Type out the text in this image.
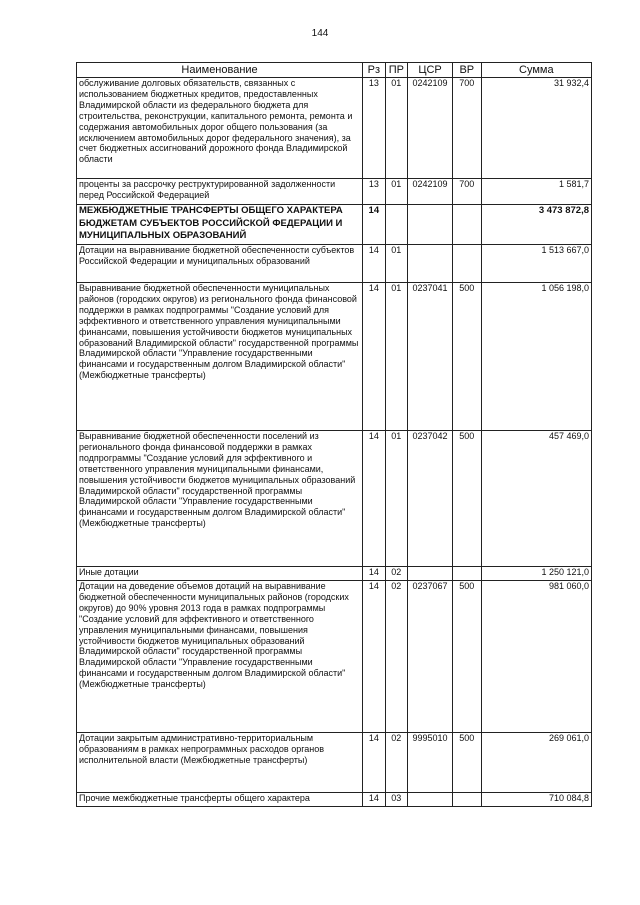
144
Наименование	Рз	ПР	ЦСР	ВР	Сумма
обслуживание долговых обязательств, связанных с использованием бюджетных кредитов, предоставленных Владимирской области из федерального бюджета для строительства, реконструкции, капитального ремонта, ремонта и содержания автомобильных дорог общего пользования (за исключением автомобильных дорог федерального значения), за счет бюджетных ассигнований дорожного фонда Владимирской области	13	01	0242109	700	31 932,4
проценты за рассрочку реструктурированной задолженности перед Российской Федерацией	13	01	0242109	700	1 581,7
МЕЖБЮДЖЕТНЫЕ ТРАНСФЕРТЫ ОБЩЕГО ХАРАКТЕРА БЮДЖЕТАМ СУБЪЕКТОВ РОССИЙСКОЙ ФЕДЕРАЦИИ И МУНИЦИПАЛЬНЫХ ОБРАЗОВАНИЙ	14				3 473 872,8
Дотации на выравнивание бюджетной обеспеченности субъектов Российской Федерации и муниципальных образований	14	01			1 513 667,0
Выравнивание бюджетной обеспеченности муниципальных районов (городских округов) из регионального фонда финансовой поддержки в рамках подпрограммы "Создание условий для эффективного и ответственного управления муниципальными финансами, повышения устойчивости бюджетов муниципальных образований Владимирской области" государственной программы Владимирской области "Управление государственными финансами и государственным долгом Владимирской области" (Межбюджетные трансферты)	14	01	0237041	500	1 056 198,0
Выравнивание бюджетной обеспеченности поселений из регионального фонда финансовой поддержки в рамках подпрограммы "Создание условий для эффективного и ответственного управления муниципальными финансами, повышения устойчивости бюджетов муниципальных образований Владимирской области" государственной программы Владимирской области "Управление государственными финансами и государственным долгом Владимирской области" (Межбюджетные трансферты)	14	01	0237042	500	457 469,0
Иные дотации	14	02			1 250 121,0
Дотации на доведение объемов дотаций на выравнивание бюджетной обеспеченности муниципальных районов (городских округов) до 90% уровня 2013 года в рамках подпрограммы "Создание условий для эффективного и ответственного управления муниципальными финансами, повышения устойчивости бюджетов муниципальных образований Владимирской области" государственной программы Владимирской области "Управление государственными финансами и государственным долгом Владимирской области" (Межбюджетные трансферты)	14	02	0237067	500	981 060,0
Дотации закрытым административно-территориальным образованиям в рамках непрограммных расходов органов исполнительной власти (Межбюджетные трансферты)	14	02	9995010	500	269 061,0
Прочие межбюджетные трансферты общего характера	14	03			710 084,8
